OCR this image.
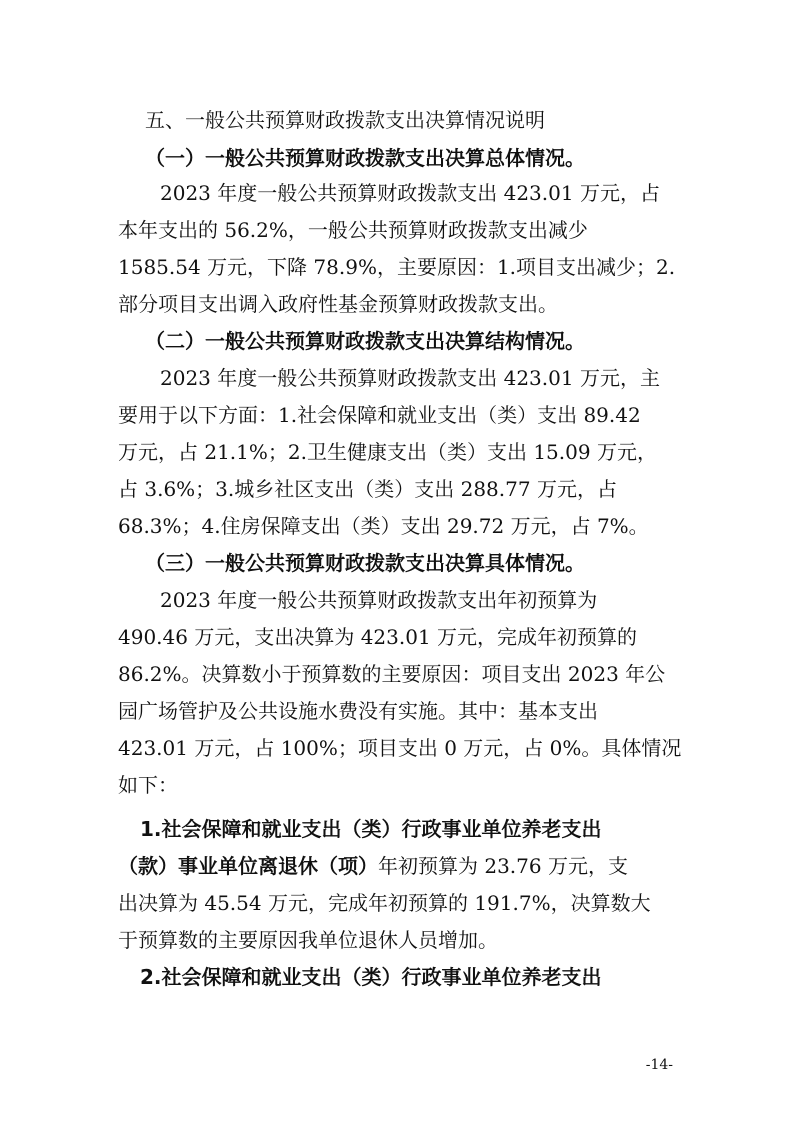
五、一般公共预算财政拨款支出决算情况说明
（一）一般公共预算财政拨款支出决算总体情况。
2023 年度一般公共预算财政拨款支出 423.01 万元，占
本年支出的 56.2%，一般公共预算财政拨款支出减少
1585.54 万元，下降 78.9%，主要原因：1.项目支出减少；2.
部分项目支出调入政府性基金预算财政拨款支出。
（二）一般公共预算财政拨款支出决算结构情况。
2023 年度一般公共预算财政拨款支出 423.01 万元，主
要用于以下方面：1.社会保障和就业支出（类）支出 89.42
万元，占 21.1%；2.卫生健康支出（类）支出 15.09 万元，
占 3.6%；3.城乡社区支出（类）支出 288.77 万元，占
68.3%；4.住房保障支出（类）支出 29.72 万元，占 7%。
（三）一般公共预算财政拨款支出决算具体情况。
2023 年度一般公共预算财政拨款支出年初预算为
490.46 万元，支出决算为 423.01 万元，完成年初预算的
86.2%。决算数小于预算数的主要原因：项目支出 2023 年公
园广场管护及公共设施水费没有实施。其中：基本支出
423.01 万元，占 100%；项目支出 0 万元，占 0%。具体情况
如下：
1.社会保障和就业支出（类）行政事业单位养老支出
（款）事业单位离退休（项）年初预算为 23.76 万元，支
出决算为 45.54 万元，完成年初预算的 191.7%，决算数大
于预算数的主要原因我单位退休人员增加。
2.社会保障和就业支出（类）行政事业单位养老支出
-14-
